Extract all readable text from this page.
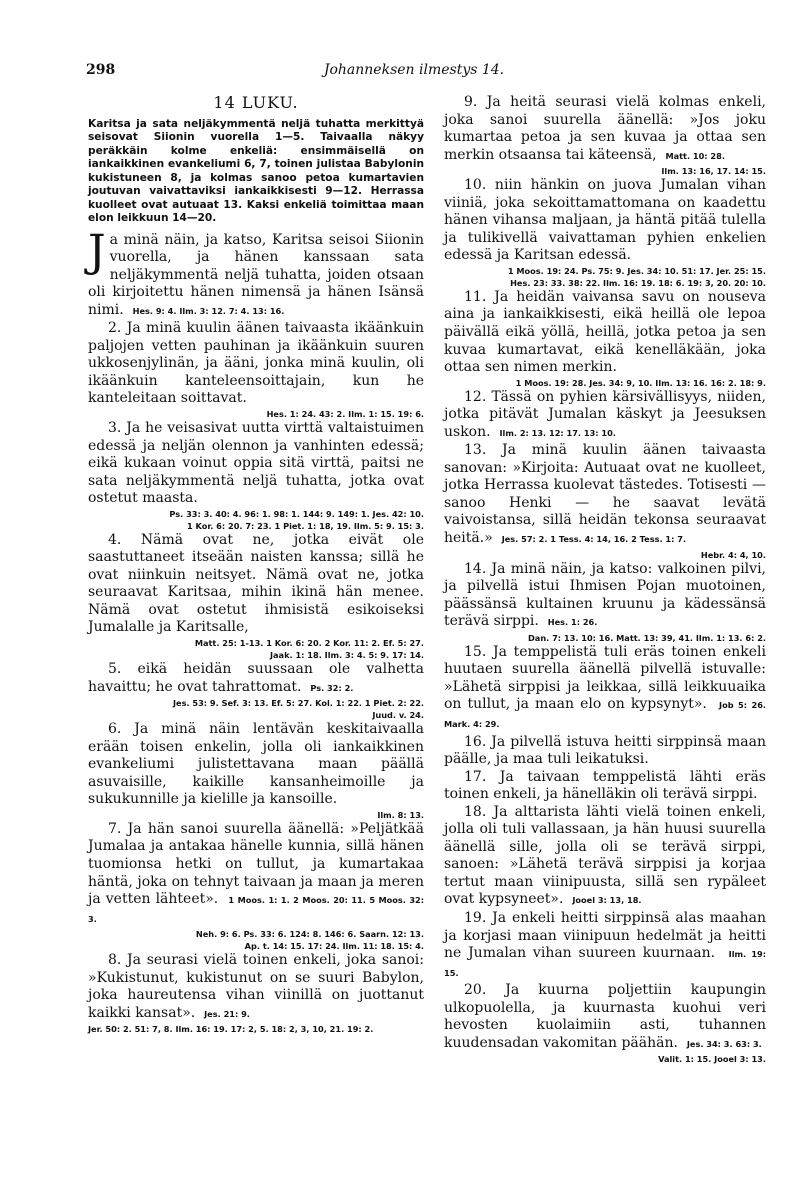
298	Johanneksen ilmestys 14.
14 LUKU.
Karitsa ja sata neljäkymmentä neljä tuhatta merkittyä seisovat Siionin vuorella 1—5. Taivaalla näkyy peräkkäin kolme enkeliä: ensimmäisellä on iankaikkinen evankeliumi 6, 7, toinen julistaa Babylonin kukistuneen 8, ja kolmas sanoo petoa kumartavien joutuvan vaivattaviksi iankaikkisesti 9—12. Herrassa kuolleet ovat autuaat 13. Kaksi enkeliä toimittaa maan elon leikkuun 14—20.

Ja minä näin, ja katso, Karitsa seisoi Siionin vuorella, ja hänen kanssaan sata neljäkymmentä neljä tuhatta, joiden otsaan oli kirjoitettu hänen nimensä ja hänen Isänsä nimi. Hes. 9: 4. Ilm. 3: 12. 7: 4. 13: 16.

2. Ja minä kuulin äänen taivaasta ikäänkuin paljojen vetten pauhinan ja ikäänkuin suuren ukkosenjylinän, ja ääni, jonka minä kuulin, oli ikäänkuin kanteleensoittajain, kun he kanteleitaan soittavat.

Hes. 1: 24. 43: 2. Ilm. 1: 15. 19: 6.

3. Ja he veisasivat uutta virttä valtaistuimen edessä ja neljän olennon ja vanhinten edessä; eikä kukaan voinut oppia sitä virttä, paitsi ne sata neljäkymmentä neljä tuhatta, jotka ovat ostetut maasta.

Ps. 33: 3. 40: 4. 96: 1. 98: 1. 144: 9. 149: 1. Jes. 42: 10.

1 Kor. 6: 20. 7: 23. 1 Piet. 1: 18, 19. Ilm. 5: 9. 15: 3.

4. Nämä ovat ne, jotka eivät ole saastuttaneet itseään naisten kanssa; sillä he ovat niinkuin neitsyet. Nämä ovat ne, jotka seuraavat Karitsaa, mihin ikinä hän menee. Nämä ovat ostetut ihmisistä esikoiseksi Jumalalle ja Karitsalle,

Matt. 25: 1-13. 1 Kor. 6: 20. 2 Kor. 11: 2. Ef. 5: 27.

Jaak. 1: 18. Ilm. 3: 4. 5: 9. 17: 14.

5. eikä heidän suussaan ole valhetta havaittu; he ovat tahrattomat. Ps. 32: 2.

Jes. 53: 9. Sef. 3: 13. Ef. 5: 27. Kol. 1: 22. 1 Piet. 2: 22.

Juud. v. 24.

6. Ja minä näin lentävän keskitaivaalla erään toisen enkelin, jolla oli iankaikkinen evankeliumi julistettavana maan päällä asuvaisille, kaikille kansanheimoille ja sukukunnille ja kielille ja kansoille.

Ilm. 8: 13.

7. Ja hän sanoi suurella äänellä: »Peljätkää Jumalaa ja antakaa hänelle kunnia, sillä hänen tuomionsa hetki on tullut, ja kumartakaa häntä, joka on tehnyt taivaan ja maan ja meren ja vetten lähteet». 1 Moos. 1: 1. 2 Moos. 20: 11. 5 Moos. 32: 3.

Neh. 9: 6. Ps. 33: 6. 124: 8. 146: 6. Saarn. 12: 13.

Ap. t. 14: 15. 17: 24. Ilm. 11: 18. 15: 4.

8. Ja seurasi vielä toinen enkeli, joka sanoi: »Kukistunut, kukistunut on se suuri Babylon, joka haureutensa vihan viinillä on juottanut kaikki kansat». Jes. 21: 9.

Jer. 50: 2. 51: 7, 8. Ilm. 16: 19. 17: 2, 5. 18: 2, 3, 10, 21. 19: 2.

9. Ja heitä seurasi vielä kolmas enkeli, joka sanoi suurella äänellä: »Jos joku kumartaa petoa ja sen kuvaa ja ottaa sen merkin otsaansa tai käteensä, Matt. 10: 28.

Ilm. 13: 16, 17. 14: 15.

10. niin hänkin on juova Jumalan vihan viiniä, joka sekoittamattomana on kaadettu hänen vihansa maljaan, ja häntä pitää tulella ja tulikivellä vaivattaman pyhien enkelien edessä ja Karitsan edessä.

1 Moos. 19: 24. Ps. 75: 9. Jes. 34: 10. 51: 17. Jer. 25: 15.

Hes. 23: 33. 38: 22. Ilm. 16: 19. 18: 6. 19: 3, 20. 20: 10.

11. Ja heidän vaivansa savu on nouseva aina ja iankaikkisesti, eikä heillä ole lepoa päivällä eikä yöllä, heillä, jotka petoa ja sen kuvaa kumartavat, eikä kenelläkään, joka ottaa sen nimen merkin.

1 Moos. 19: 28. Jes. 34: 9, 10. Ilm. 13: 16. 16: 2. 18: 9.

12. Tässä on pyhien kärsivällisyys, niiden, jotka pitävät Jumalan käskyt ja Jeesuksen uskon. Ilm. 2: 13. 12: 17. 13: 10.

13. Ja minä kuulin äänen taivaasta sanovan: »Kirjoita: Autuaat ovat ne kuolleet, jotka Herrassa kuolevat tästedes. Totisesti — sanoo Henki — he saavat levätä vaivoistansa, sillä heidän tekonsa seuraavat heitä.» Jes. 57: 2. 1 Tess. 4: 14, 16. 2 Tess. 1: 7.

Hebr. 4: 4, 10.

14. Ja minä näin, ja katso: valkoinen pilvi, ja pilvellä istui Ihmisen Pojan muotoinen, päässänsä kultainen kruunu ja kädessänsä terävä sirppi. Hes. 1: 26.

Dan. 7: 13. 10: 16. Matt. 13: 39, 41. Ilm. 1: 13. 6: 2.

15. Ja temppelistä tuli eräs toinen enkeli huutaen suurella äänellä pilvellä istuvalle: »Lähetä sirppisi ja leikkaa, sillä leikkuuaika on tullut, ja maan elo on kypsynyt». Job 5: 26. Mark. 4: 29.

16. Ja pilvellä istuva heitti sirppinsä maan päälle, ja maa tuli leikatuksi.

17. Ja taivaan temppelistä lähti eräs toinen enkeli, ja hänelläkin oli terävä sirppi.

18. Ja alttarista lähti vielä toinen enkeli, jolla oli tuli vallassaan, ja hän huusi suurella äänellä sille, jolla oli se terävä sirppi, sanoen: »Lähetä terävä sirppisi ja korjaa tertut maan viinipuusta, sillä sen rypäleet ovat kypsyneet». Jooel 3: 13, 18.

19. Ja enkeli heitti sirppinsä alas maahan ja korjasi maan viinipuun hedelmät ja heitti ne Jumalan vihan suureen kuurnaan. Ilm. 19: 15.

20. Ja kuurna poljettiin kaupungin ulkopuolella, ja kuurnasta kuohui veri hevosten kuolaimiin asti, tuhannen kuudensadan vakomitan päähän. Jes. 34: 3. 63: 3.

Valit. 1: 15. Jooel 3: 13.
